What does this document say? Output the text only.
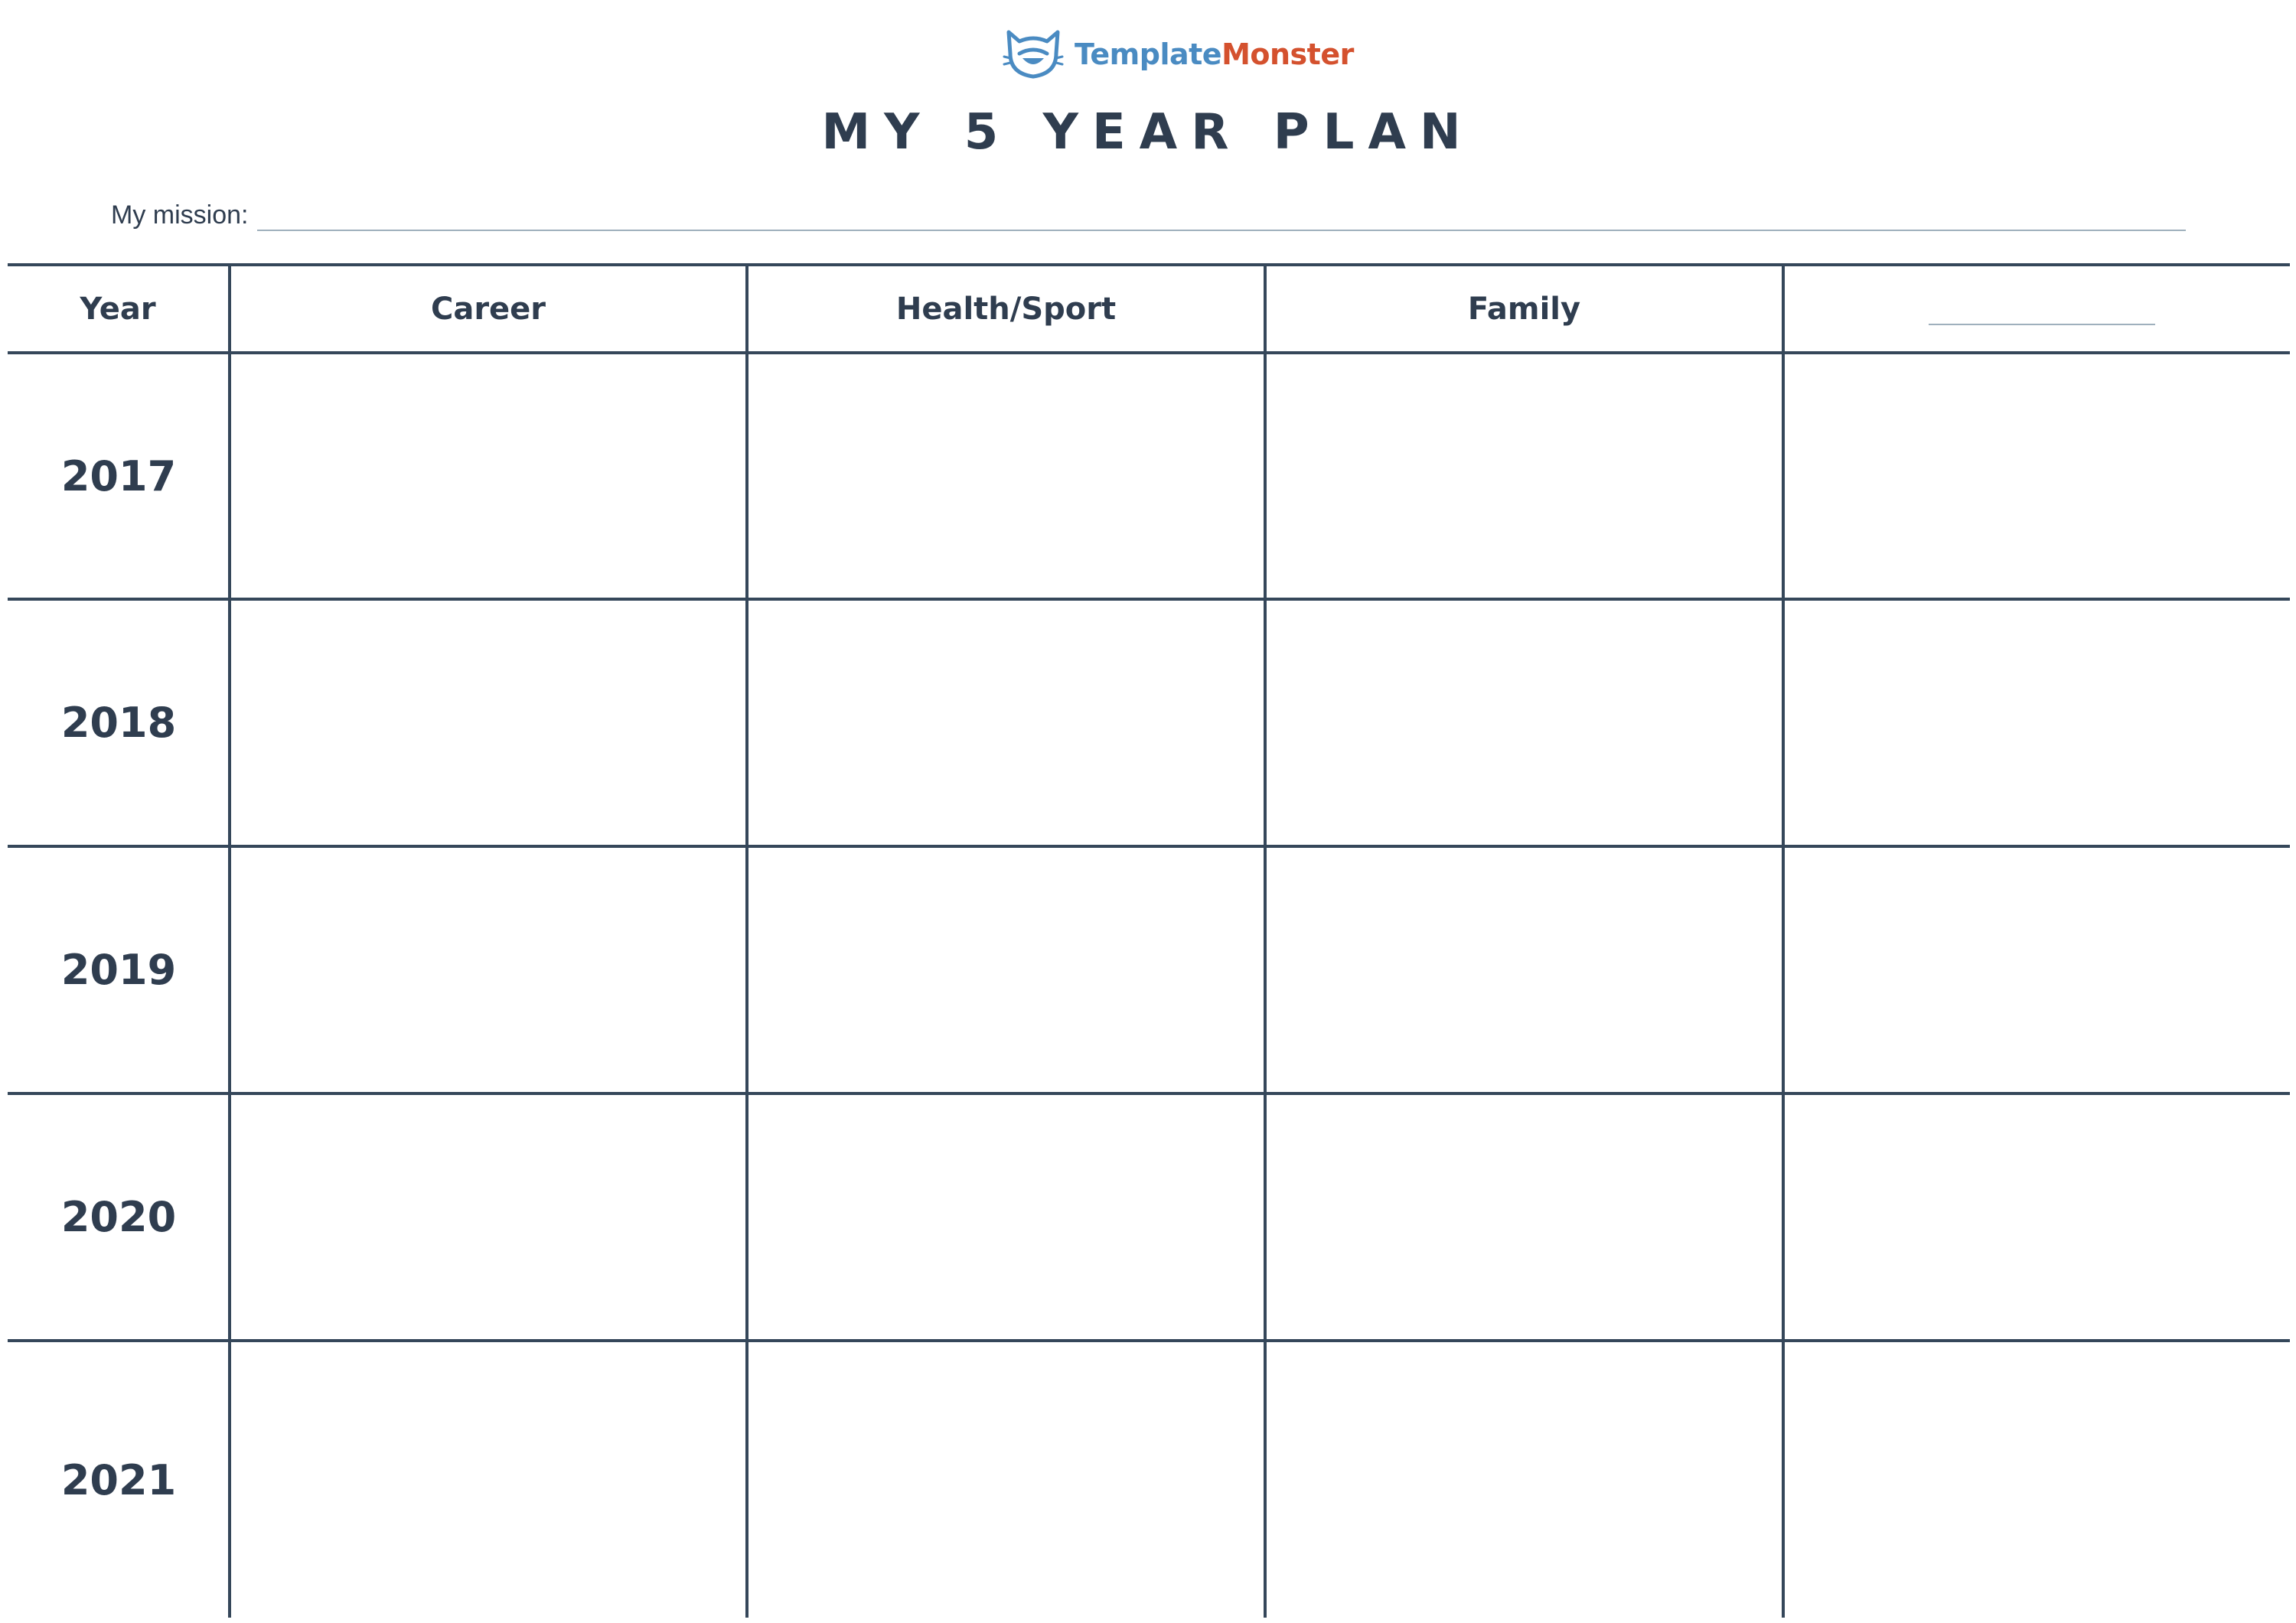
TemplateMonster
MY 5 YEAR PLAN
My mission:
Year	Career	Health/Sport	Family
2017
2018
2019
2020
2021
